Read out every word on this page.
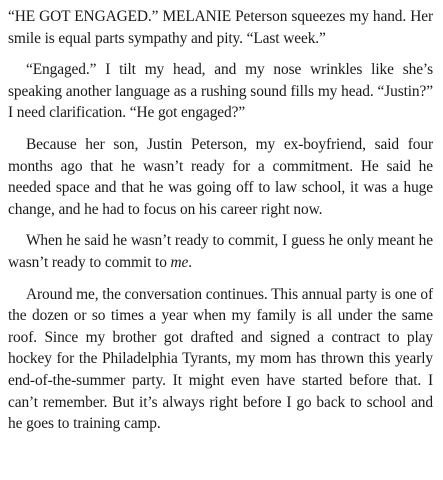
“HE GOT ENGAGED.” MELANIE Peterson squeezes my hand. Her smile is equal parts sympathy and pity. “Last week.”

“Engaged.” I tilt my head, and my nose wrinkles like she’s speaking another language as a rushing sound fills my head. “Justin?” I need clarification. “He got engaged?”

Because her son, Justin Peterson, my ex-boyfriend, said four months ago that he wasn’t ready for a commitment. He said he needed space and that he was going off to law school, it was a huge change, and he had to focus on his career right now.

When he said he wasn’t ready to commit, I guess he only meant he wasn’t ready to commit to me.

Around me, the conversation continues. This annual party is one of the dozen or so times a year when my family is all under the same roof. Since my brother got drafted and signed a contract to play hockey for the Philadelphia Tyrants, my mom has thrown this yearly end-of-the-summer party. It might even have started before that. I can’t remember. But it’s always right before I go back to school and he goes to training camp.
